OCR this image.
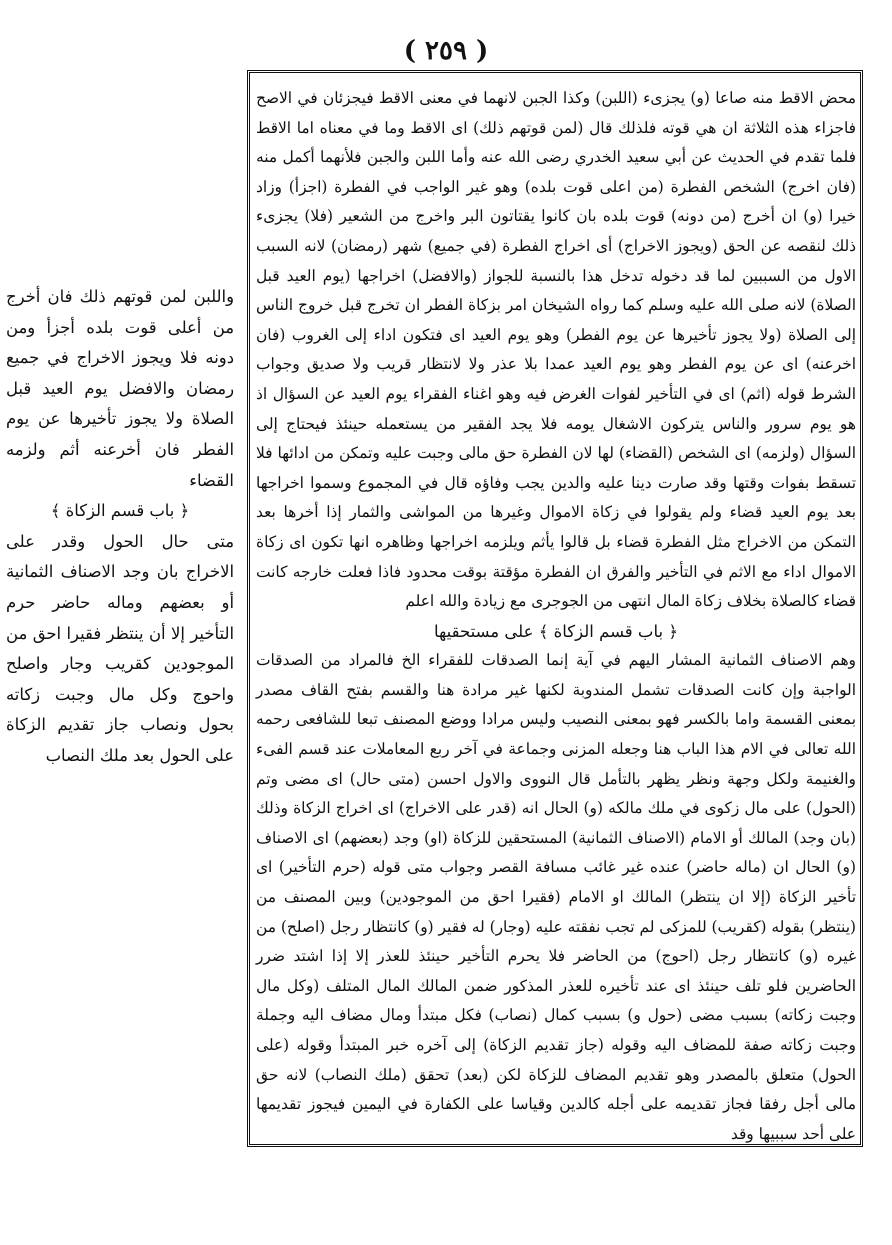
( ٢٥٩ )

محض الاقط منه صاعا (و) يجزىء (اللبن) وكذا الجبن لانهما في معنى الاقط فيجزئان في الاصح فاجزاء هذه الثلاثة ان هي قوته فلذلك قال (لمن قوتهم ذلك) اى الاقط وما في معناه اما الاقط فلما تقدم في الحديث عن أبي سعيد الخدري رضى الله عنه وأما اللبن والجبن فلأنهما أكمل منه (فان اخرج) الشخص الفطرة (من اعلى قوت بلده) وهو غير الواجب في الفطرة (اجزأ) وزاد خيرا (و) ان أخرج (من دونه) قوت بلده بان كانوا يقتاتون البر واخرج من الشعير (فلا) يجزىء ذلك لنقصه عن الحق (ويجوز الاخراج) أى اخراج الفطرة (في جميع) شهر (رمضان) لانه السبب الاول من السببين لما قد دخوله تدخل هذا بالنسبة للجواز (والافضل) اخراجها (يوم العيد قبل الصلاة) لانه صلى الله عليه وسلم كما رواه الشيخان امر بزكاة الفطر ان تخرج قبل خروج الناس إلى الصلاة (ولا يجوز تأخيرها عن يوم الفطر) وهو يوم العيد اى فتكون اداء إلى الغروب (فان اخرعنه) اى عن يوم الفطر وهو يوم العيد عمدا بلا عذر ولا لانتظار قريب ولا صديق وجواب الشرط قوله (اثم) اى في التأخير لفوات الغرض فيه وهو اغناء الفقراء يوم العيد عن السؤال اذ هو يوم سرور والناس يتركون الاشغال يومه فلا يجد الفقير من يستعمله حينئذ فيحتاج إلى السؤال (ولزمه) اى الشخص (القضاء) لها لان الفطرة حق مالى وجبت عليه وتمكن من ادائها فلا تسقط بفوات وقتها وقد صارت دينا عليه والدين يجب وفاؤه قال في المجموع وسموا اخراجها بعد يوم العيد قضاء ولم يقولوا في زكاة الاموال وغيرها من المواشى والثمار إذا أخرها بعد التمكن من الاخراج مثل الفطرة قضاء بل قالوا يأثم ويلزمه اخراجها وظاهره انها تكون اى زكاة الاموال اداء مع الاثم في التأخير والفرق ان الفطرة مؤقتة بوقت محدود فاذا فعلت خارجه كانت قضاء كالصلاة بخلاف زكاة المال انتهى من الجوجرى مع زيادة والله اعلم

﴿ باب قسم الزكاة ﴾ على مستحقيها

وهم الاصناف الثمانية المشار اليهم في آية إنما الصدقات للفقراء الخ فالمراد من الصدقات الواجبة وإن كانت الصدقات تشمل المندوبة لكنها غير مرادة هنا والقسم بفتح القاف مصدر بمعنى القسمة واما بالكسر فهو بمعنى النصيب وليس مرادا ووضع المصنف تبعا للشافعى رحمه الله تعالى في الام هذا الباب هنا وجعله المزنى وجماعة في آخر ربع المعاملات عند قسم الفىء والغنيمة ولكل وجهة ونظر يظهر بالتأمل قال النووى والاول احسن (متى حال) اى مضى وتم (الحول) على مال زكوى في ملك مالكه (و) الحال انه (قدر على الاخراج) اى اخراج الزكاة وذلك (بان وجد) المالك أو الامام (الاصناف الثمانية) المستحقين للزكاة (او) وجد (بعضهم) اى الاصناف (و) الحال ان (ماله حاضر) عنده غير غائب مسافة القصر وجواب متى قوله (حرم التأخير) اى تأخير الزكاة (إلا ان ينتظر) المالك او الامام (فقيرا احق من الموجودين) وبين المصنف من (ينتظر) بقوله (كقريب) للمزكى لم تجب نفقته عليه (وجار) له فقير (و) كانتظار رجل (اصلح) من غيره (و) كانتظار رجل (احوج) من الحاضر فلا يحرم التأخير حينئذ للعذر إلا إذا اشتد ضرر الحاضرين فلو تلف حينئذ اى عند تأخيره للعذر المذكور ضمن المالك المال المتلف (وكل مال وجبت زكاته) بسبب مضى (حول و) بسبب كمال (نصاب) فكل مبتدأ ومال مضاف اليه وجملة وجبت زكاته صفة للمضاف اليه وقوله (جاز تقديم الزكاة) إلى آخره خبر المبتدأ وقوله (على الحول) متعلق بالمصدر وهو تقديم المضاف للزكاة لكن (بعد) تحقق (ملك النصاب) لانه حق مالى أجل رفقا فجاز تقديمه على أجله كالدين وقياسا على الكفارة في اليمين فيجوز تقديمها على أحد سببيها وقد

واللبن لمن قوتهم ذلك فان أخرج من أعلى قوت بلده أجزأ ومن دونه فلا ويجوز الاخراج في جميع رمضان والافضل يوم العيد قبل الصلاة ولا يجوز تأخيرها عن يوم الفطر فان أخرعنه أثم ولزمه القضاء

﴿ باب قسم الزكاة ﴾

متى حال الحول وقدر على الاخراج بان وجد الاصناف الثمانية أو بعضهم وماله حاضر حرم التأخير إلا أن ينتظر فقيرا احق من الموجودين كقريب وجار واصلح واحوج وكل مال وجبت زكاته بحول ونصاب جاز تقديم الزكاة على الحول بعد ملك النصاب
